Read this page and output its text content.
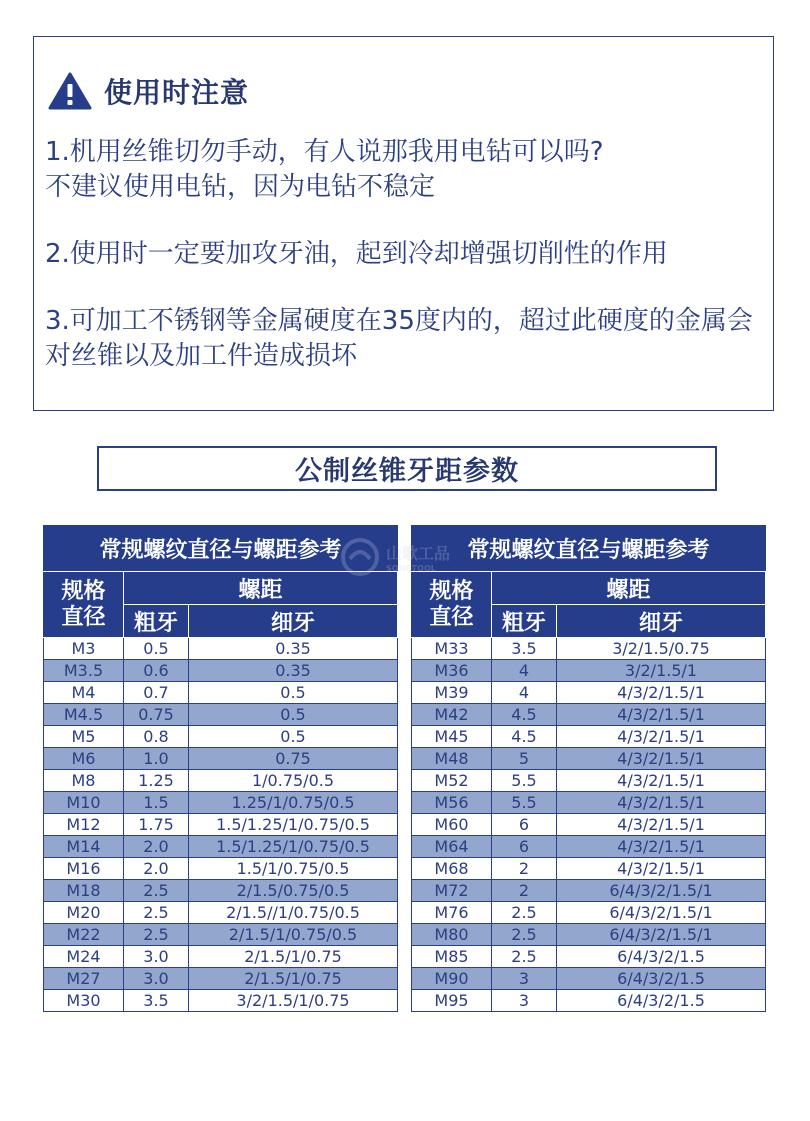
使用时注意

1.机用丝锥切勿手动，有人说那我用电钻可以吗?
不建议使用电钻，因为电钻不稳定

2.使用时一定要加攻牙油，起到冷却增强切削性的作用

3.可加工不锈钢等金属硬度在35度内的，超过此硬度的金属会对丝锥以及加工件造成损坏

公制丝锥牙距参数
常规螺纹直径与螺距参考		
规格
直径	螺距	
	粗牙	细牙
M3	0.5	0.35
M3.5	0.6	0.35
M4	0.7	0.5
M4.5	0.75	0.5
M5	0.8	0.5
M6	1.0	0.75
M8	1.25	1/0.75/0.5
M10	1.5	1.25/1/0.75/0.5
M12	1.75	1.5/1.25/1/0.75/0.5
M14	2.0	1.5/1.25/1/0.75/0.5
M16	2.0	1.5/1/0.75/0.5
M18	2.5	2/1.5/0.75/0.5
M20	2.5	2/1.5//1/0.75/0.5
M22	2.5	2/1.5/1/0.75/0.5
M24	3.0	2/1.5/1/0.75
M27	3.0	2/1.5/1/0.75
M30	3.5	3/2/1.5/1/0.75
常规螺纹直径与螺距参考		
规格
直径	螺距	
	粗牙	细牙
M33	3.5	3/2/1.5/0.75
M36	4	3/2/1.5/1
M39	4	4/3/2/1.5/1
M42	4.5	4/3/2/1.5/1
M45	4.5	4/3/2/1.5/1
M48	5	4/3/2/1.5/1
M52	5.5	4/3/2/1.5/1
M56	5.5	4/3/2/1.5/1
M60	6	4/3/2/1.5/1
M64	6	4/3/2/1.5/1
M68	2	4/3/2/1.5/1
M72	2	6/4/3/2/1.5/1
M76	2.5	6/4/3/2/1.5/1
M80	2.5	6/4/3/2/1.5/1
M85	2.5	6/4/3/2/1.5
M90	3	6/4/3/2/1.5
M95	3	6/4/3/2/1.5
山歌工品
SONGTOOL
